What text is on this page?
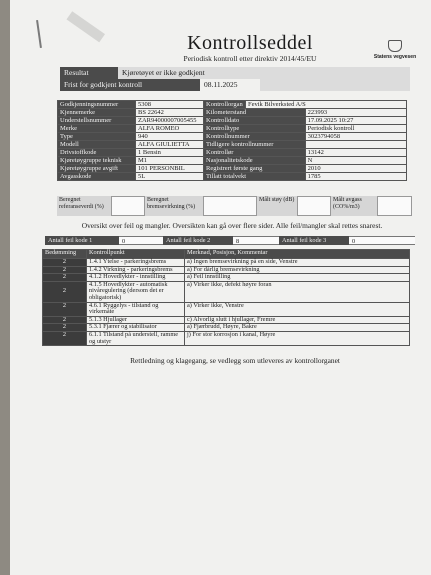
Kontrollseddel
Periodisk kontroll etter direktiv 2014/45/EU	Statens vegvesen
Resultat	Kjøretøyet er ikke godkjent
Frist for godkjent kontroll	08.11.2025
Godkjenningsnummer	5308	Kontrollorgan	Fevik Bilverksted A/S	
Kjennemerke	BS 22642	Kilometerstand		223993
Understellsnummer	ZAR94000007005455	Kontrolldato		17.09.2025 10:27
Merke	ALFA ROMEO	Kontrolltype		Periodisk kontroll
Type	940	Kontrollnummer		3023794058
Modell	ALFA GIULIETTA	Tidligere kontrollnummer		
Drivstoffkode	1 Bensin	Kontrollør		13142
Kjøretøygruppe teknisk	M1	Nasjonalitetskode		N
Kjøretøygruppe avgift	101 PERSONBIL	Registrert første gang		2010
Avgasskode	5L	Tillatt totalvekt		1785
Beregnet referanseverdi (%)
Beregnet bremsevirkning (%)
Målt støy (dB)	Målt avgass (CO%/m3)
Oversikt over feil og mangler. Oversikten kan gå over flere sider. Alle feil/mangler skal rettes snarest.
Antall feil kode 1	0	Antall feil kode 2	8	Antall feil kode 3	0
Bedømming	Kontrollpunkt	Merknad, Posisjon, Kommentar
2	1.4.1 Ytelse - parkeringsbrems	a) Ingen bremsevirkning på en side, Venstre
2	1.4.2 Virkning - parkeringsbrems	a) For dårlig bremsevirkning
2	4.1.2 Hovedlykter - innstilling	a) Feil innstilling
2	4.1.5 Hovedlykter - automatisk nivåregulering (dersom det er obligatorisk)	a) Virker ikke, defekt høyre foran
2	4.6.1 Ryggelys - tilstand og virkemåte	a) Virker ikke, Venstre
2	5.1.3 Hjullager	c) Alvorlig slutt i hjullager, Fremre
2	5.3.1 Fjærer og stabilisator	a) Fjærbrudd, Høyre, Bakre
2	6.1.1 Tilstand på understell, ramme og utstyr	j) For stor korrosjon i kanal, Høyre
Rettledning og klagegang, se vedlegg som utleveres av kontrollorganet
